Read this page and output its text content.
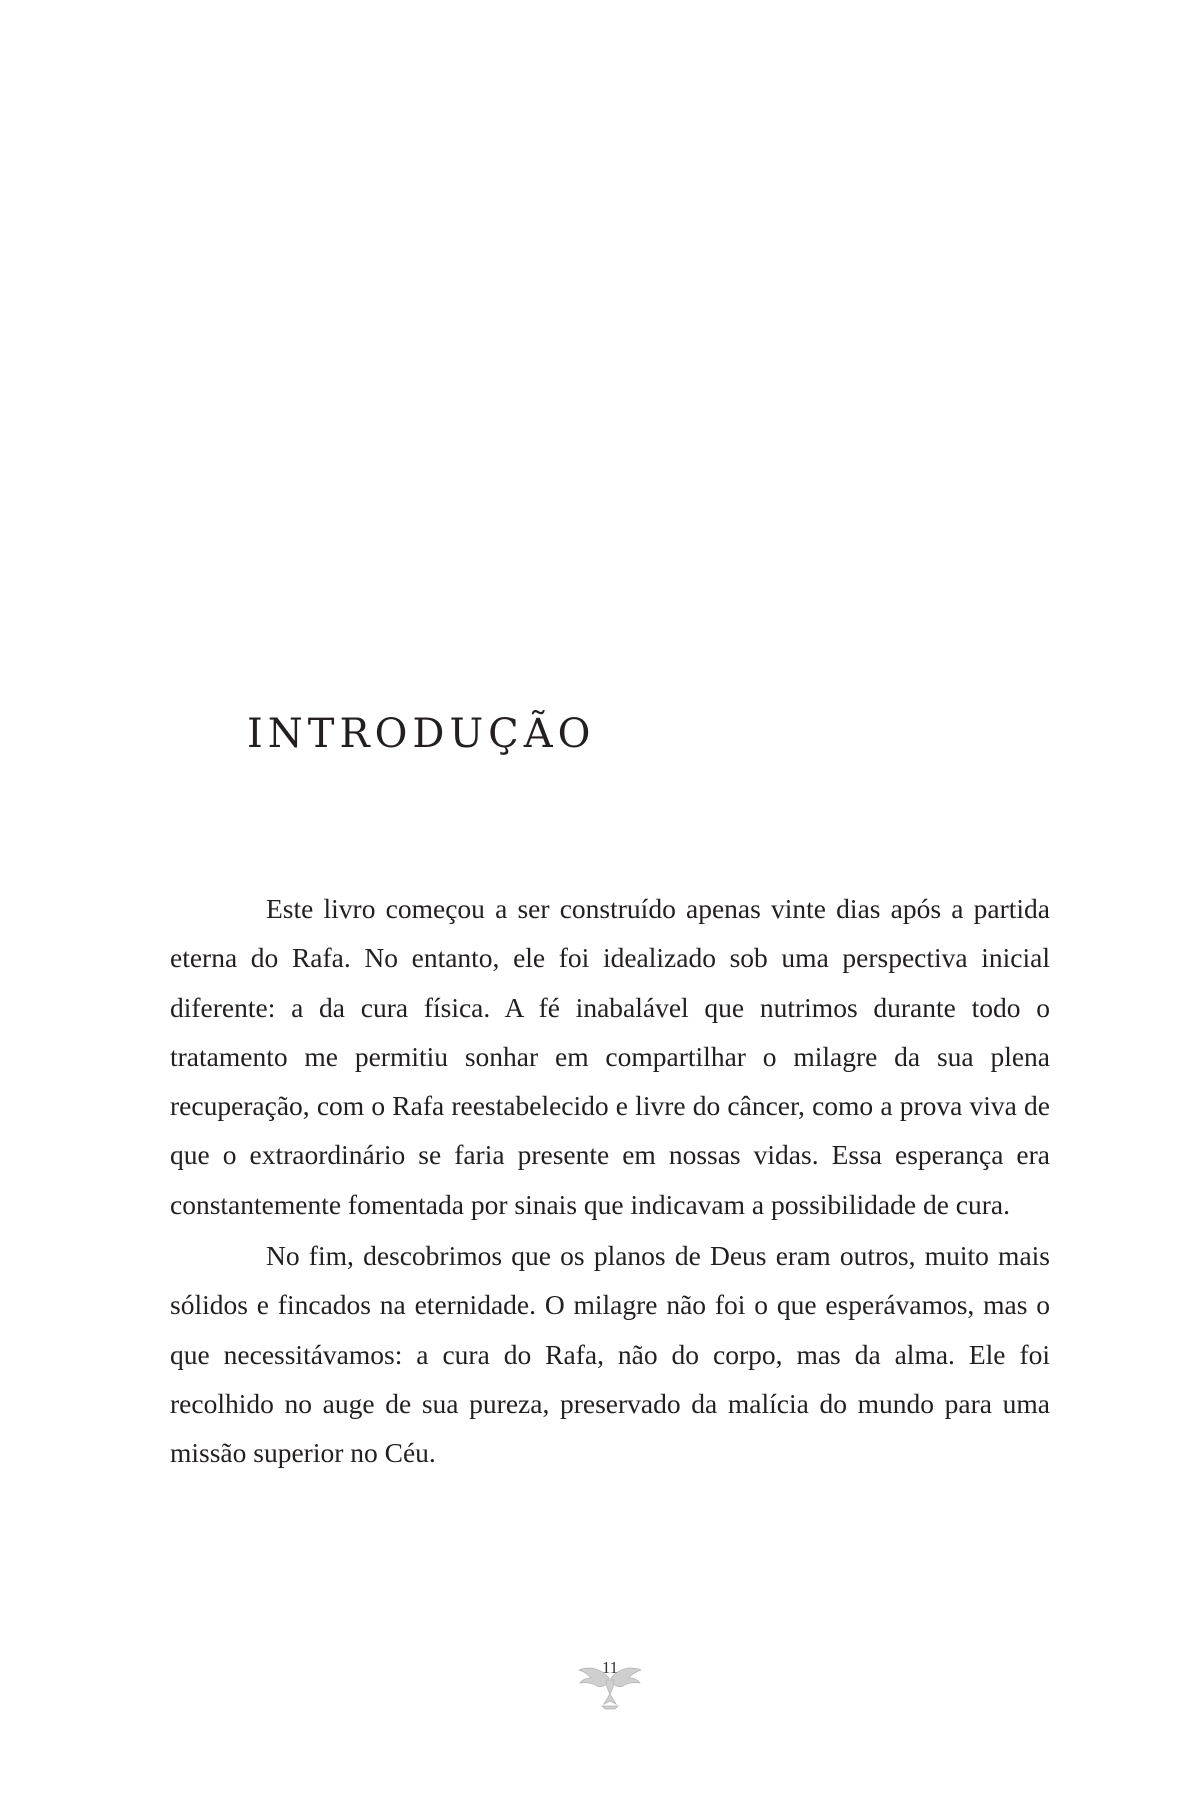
INTRODUÇÃO

Este livro começou a ser construído apenas vinte dias após a partida eterna do Rafa. No entanto, ele foi idealizado sob uma perspectiva inicial diferente: a da cura física. A fé inabalável que nutrimos durante todo o tratamento me permitiu sonhar em compartilhar o milagre da sua plena recuperação, com o Rafa reestabelecido e livre do câncer, como a prova viva de que o extraordinário se faria presente em nossas vidas. Essa esperança era constantemente fomentada por sinais que indicavam a possibilidade de cura.

No fim, descobrimos que os planos de Deus eram outros, muito mais sólidos e fincados na eternidade. O milagre não foi o que esperávamos, mas o que necessitávamos: a cura do Rafa, não do corpo, mas da alma. Ele foi recolhido no auge de sua pureza, preservado da malícia do mundo para uma missão superior no Céu.

11
